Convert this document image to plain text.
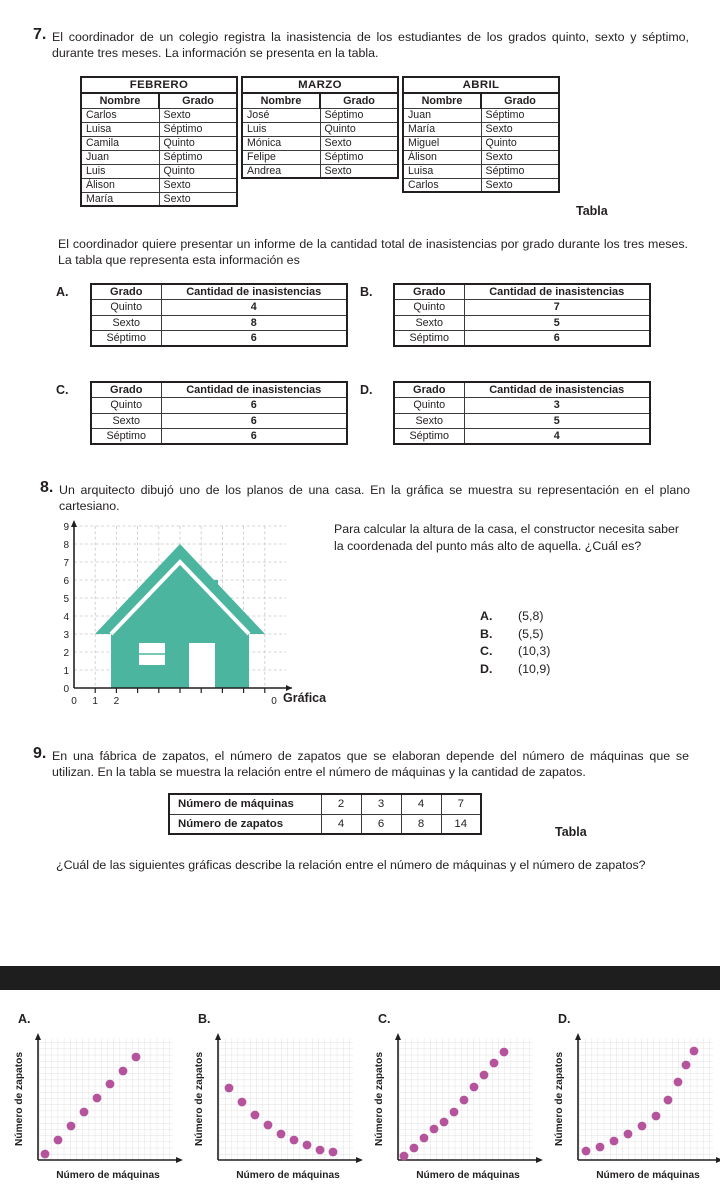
7. El coordinador de un colegio registra la inasistencia de los estudiantes de los grados quinto, sexto y séptimo, durante tres meses. La información se presenta en la tabla.
FEBRERO
Nombre	Grado
Carlos	Sexto
Luisa	Séptimo
Camila	Quinto
Juan	Séptimo
Luis	Quinto
Álison	Sexto
María	Sexto

MARZO
Nombre	Grado
José	Séptimo
Luis	Quinto
Mónica	Sexto
Felipe	Séptimo
Andrea	Sexto

ABRIL
Nombre	Grado
Juan	Séptimo
María	Sexto
Miguel	Quinto
Álison	Sexto
Luisa	Séptimo
Carlos	Sexto
Tabla
El coordinador quiere presentar un informe de la cantidad total de inasistencias por grado durante los tres meses. La tabla que representa esta información es
A.	Grado	Cantidad de inasistencias
Quinto	4
Sexto	8
Séptimo	6
B.	Grado	Cantidad de inasistencias
Quinto	7
Sexto	5
Séptimo	6
C.	Grado	Cantidad de inasistencias
Quinto	6
Sexto	6
Séptimo	6
D.	Grado	Cantidad de inasistencias
Quinto	3
Sexto	5
Séptimo	4
8. Un arquitecto dibujó uno de los planos de una casa. En la gráfica se muestra su representación en el plano cartesiano.
9
8
7
6
5
4
3
2
1
0
0 1 2	0 Gráfica
Para calcular la altura de la casa, el constructor necesita saber la coordenada del punto más alto de aquella. ¿Cuál es?
A.	(5,8)
B.	(5,5)
C.	(10,3)
D.	(10,9)
9. En una fábrica de zapatos, el número de zapatos que se elaboran depende del número de máquinas que se utilizan. En la tabla se muestra la relación entre el número de máquinas y la cantidad de zapatos.
Número de máquinas	2	3	4	7
Número de zapatos	4	6	8	14
Tabla
¿Cuál de las siguientes gráficas describe la relación entre el número de máquinas y el número de zapatos?
A.
Número de máquinas
Número de zapatos
B.
Número de máquinas
Número de zapatos
C.
Número de máquinas
Número de zapatos
D.
Número de máquinas
Número de zapatos
